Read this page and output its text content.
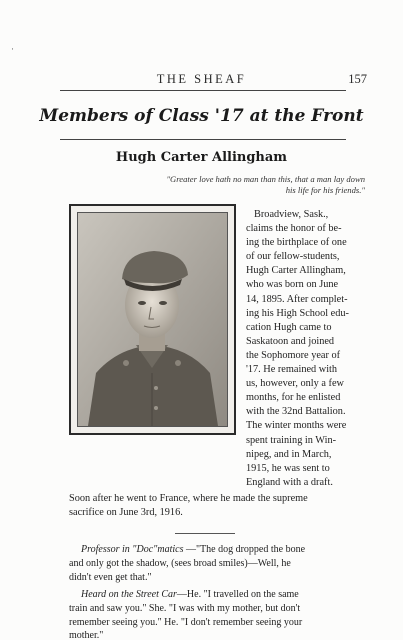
·
THE SHEAF	157
Members of Class '17 at the Front
Hugh Carter Allingham
"Greater love hath no man than this, that a man lay down
his life for his friends."
Broadview, Sask.,
claims the honor of be-
ing the birthplace of one
of our fellow-students,
Hugh Carter Allingham,
who was born on June
14, 1895. After complet-
ing his High School edu-
cation Hugh came to
Saskatoon and joined
the Sophomore year of
'17. He remained with
us, however, only a few
months, for he enlisted
with the 32nd Battalion.
The winter months were
spent training in Win-
nipeg, and in March,
1915, he was sent to
England with a draft.
Soon after he went to France, where he made the supreme
sacrifice on June 3rd, 1916.
Professor in "Doc"matics —"The dog dropped the bone
and only got the shadow, (sees broad smiles)—Well, he
didn't even get that."
Heard on the Street Car—He. "I travelled on the same
train and saw you." She. "I was with my mother, but don't
remember seeing you." He. "I don't remember seeing your
mother."
